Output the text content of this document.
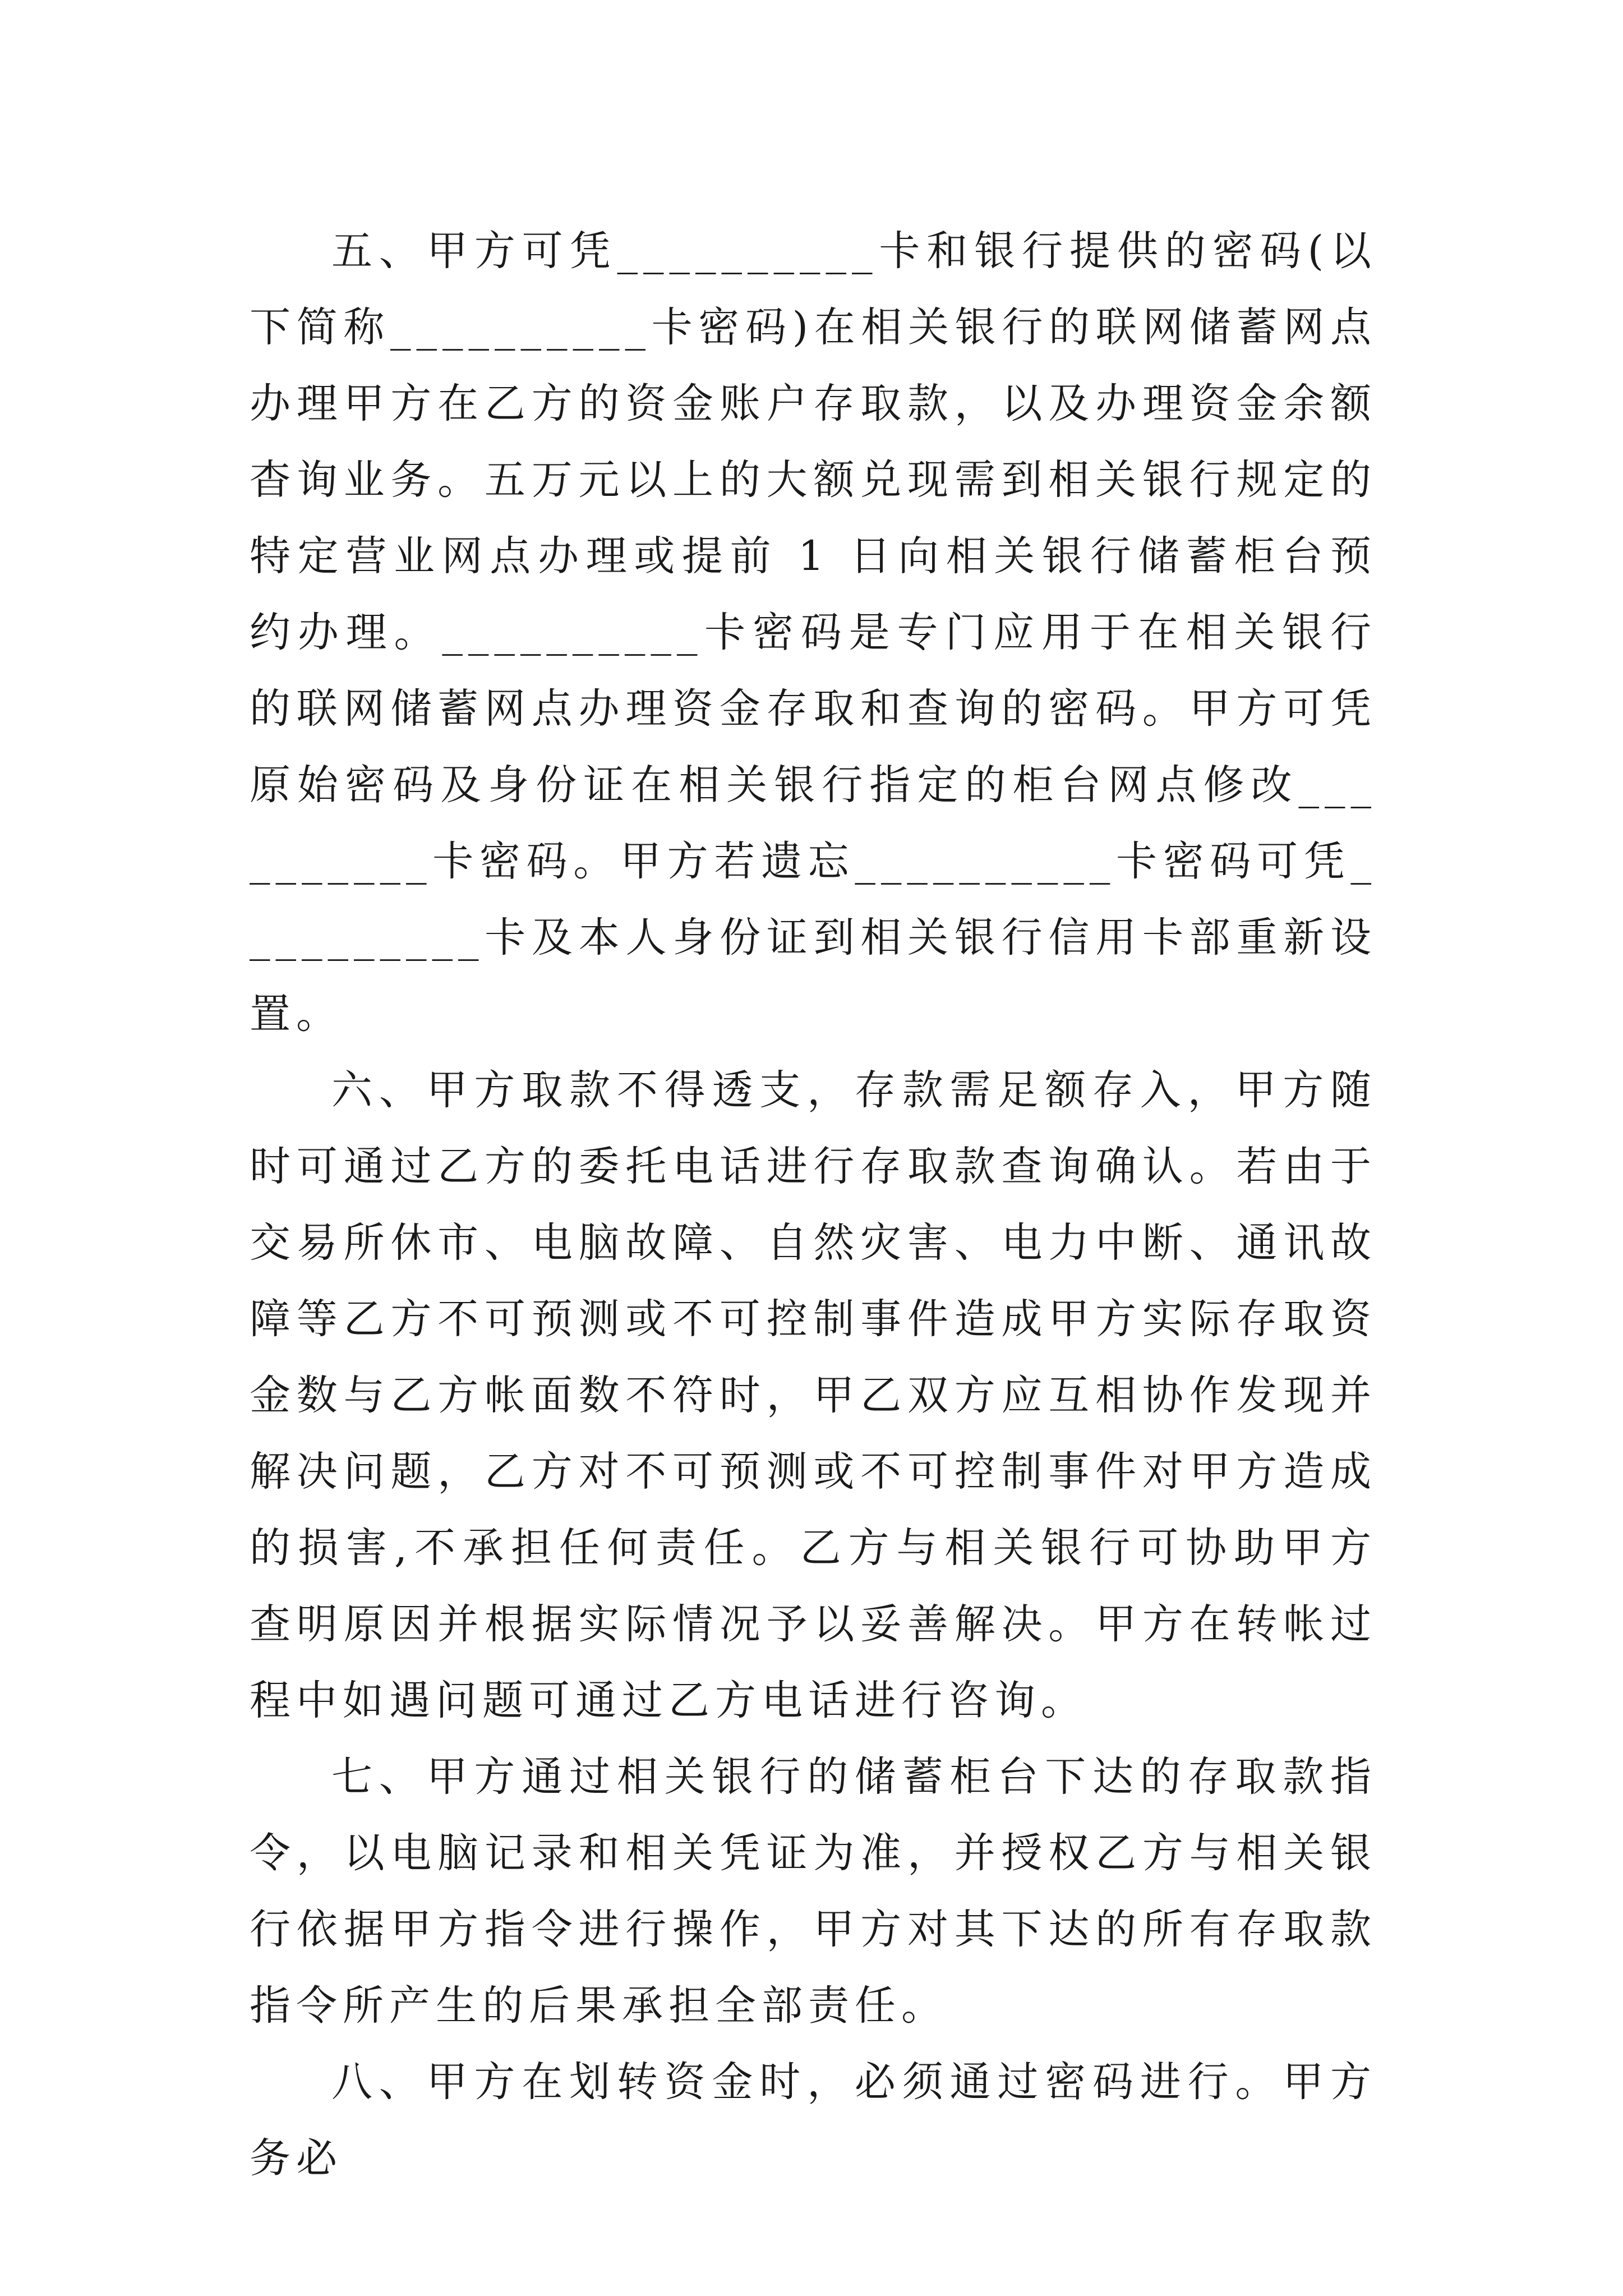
五、甲方可凭__________卡和银行提供的密码(以下简称__________卡密码)在相关银行的联网储蓄网点办理甲方在乙方的资金账户存取款，以及办理资金余额杳询业务。五万元以上的大额兑现需到相关银行规定的特定营业网点办理或提前 1 日向相关银行储蓄柜台预约办理。__________卡密码是专门应用于在相关银行的联网储蓄网点办理资金存取和查询的密码。甲方可凭原始密码及身份证在相关银行指定的柜台网点修改__________卡密码。甲方若遗忘__________卡密码可凭__________卡及本人身份证到相关银行信用卡部重新设置。

六、甲方取款不得透支，存款需足额存入，甲方随时可通过乙方的委托电话进行存取款查询确认。若由于交易所休市、电脑故障、自然灾害、电力中断、通讯故障等乙方不可预测或不可控制事件造成甲方实际存取资金数与乙方帐面数不符时，甲乙双方应互相协作发现并解决问题，乙方对不可预测或不可控制事件对甲方造成的损害,不承担任何责任。乙方与相关银行可协助甲方查明原因并根据实际情况予以妥善解决。甲方在转帐过程中如遇问题可通过乙方电话进行咨询。

七、甲方通过相关银行的储蓄柜台下达的存取款指令，以电脑记录和相关凭证为准，并授权乙方与相关银行依据甲方指令进行操作，甲方对其下达的所有存取款指令所产生的后果承担全部责任。

八、甲方在划转资金时，必须通过密码进行。甲方务必
